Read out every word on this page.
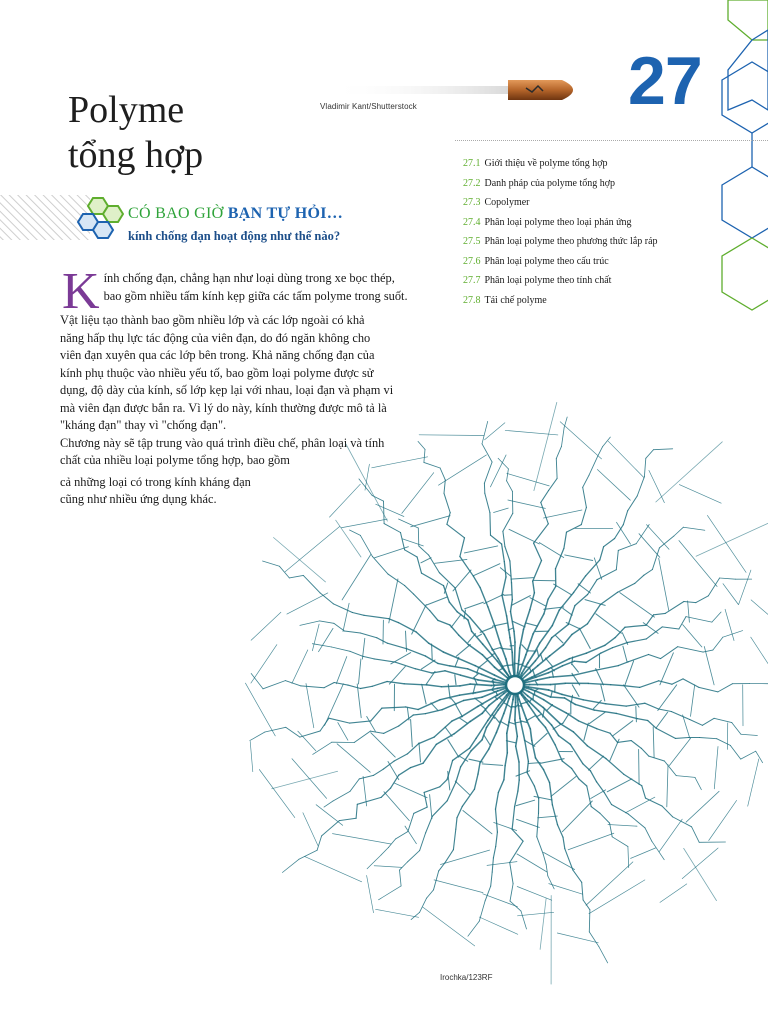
Polyme
tổng hợp
Vladimir Kant/Shutterstock	27
27.1 Giới thiệu về polyme tổng hợp
27.2 Danh pháp của polyme tổng hợp
27.3 Copolymer
27.4 Phân loại polyme theo loại phản ứng
27.5 Phân loại polyme theo phương thức lắp ráp
27.6 Phân loại polyme theo cấu trúc
27.7 Phân loại polyme theo tính chất
27.8 Tái chế polyme
CÓ BAO GIỜ BẠN TỰ HỎI…
kính chống đạn hoạt động như thế nào?
K ính chống đạn, chẳng hạn như loại dùng trong xe bọc thép,

bao gồm nhiều tấm kính kẹp giữa các tấm polyme trong suốt.

Vật liệu tạo thành bao gồm nhiều lớp và các lớp ngoài có khả

năng hấp thụ lực tác động của viên đạn, do đó ngăn không cho

viên đạn xuyên qua các lớp bên trong. Khả năng chống đạn của

kính phụ thuộc vào nhiều yếu tố, bao gồm loại polyme được sử

dụng, độ dày của kính, số lớp kẹp lại với nhau, loại đạn và phạm vi

mà viên đạn được bắn ra. Vì lý do này, kính thường được mô tả là

"kháng đạn" thay vì "chống đạn".

Chương này sẽ tập trung vào quá trình điều chế, phân loại và tính

chất của nhiều loại polyme tổng hợp, bao gồm

cả những loại có trong kính kháng đạn

cũng như nhiều ứng dụng khác.

Irochka/123RF
